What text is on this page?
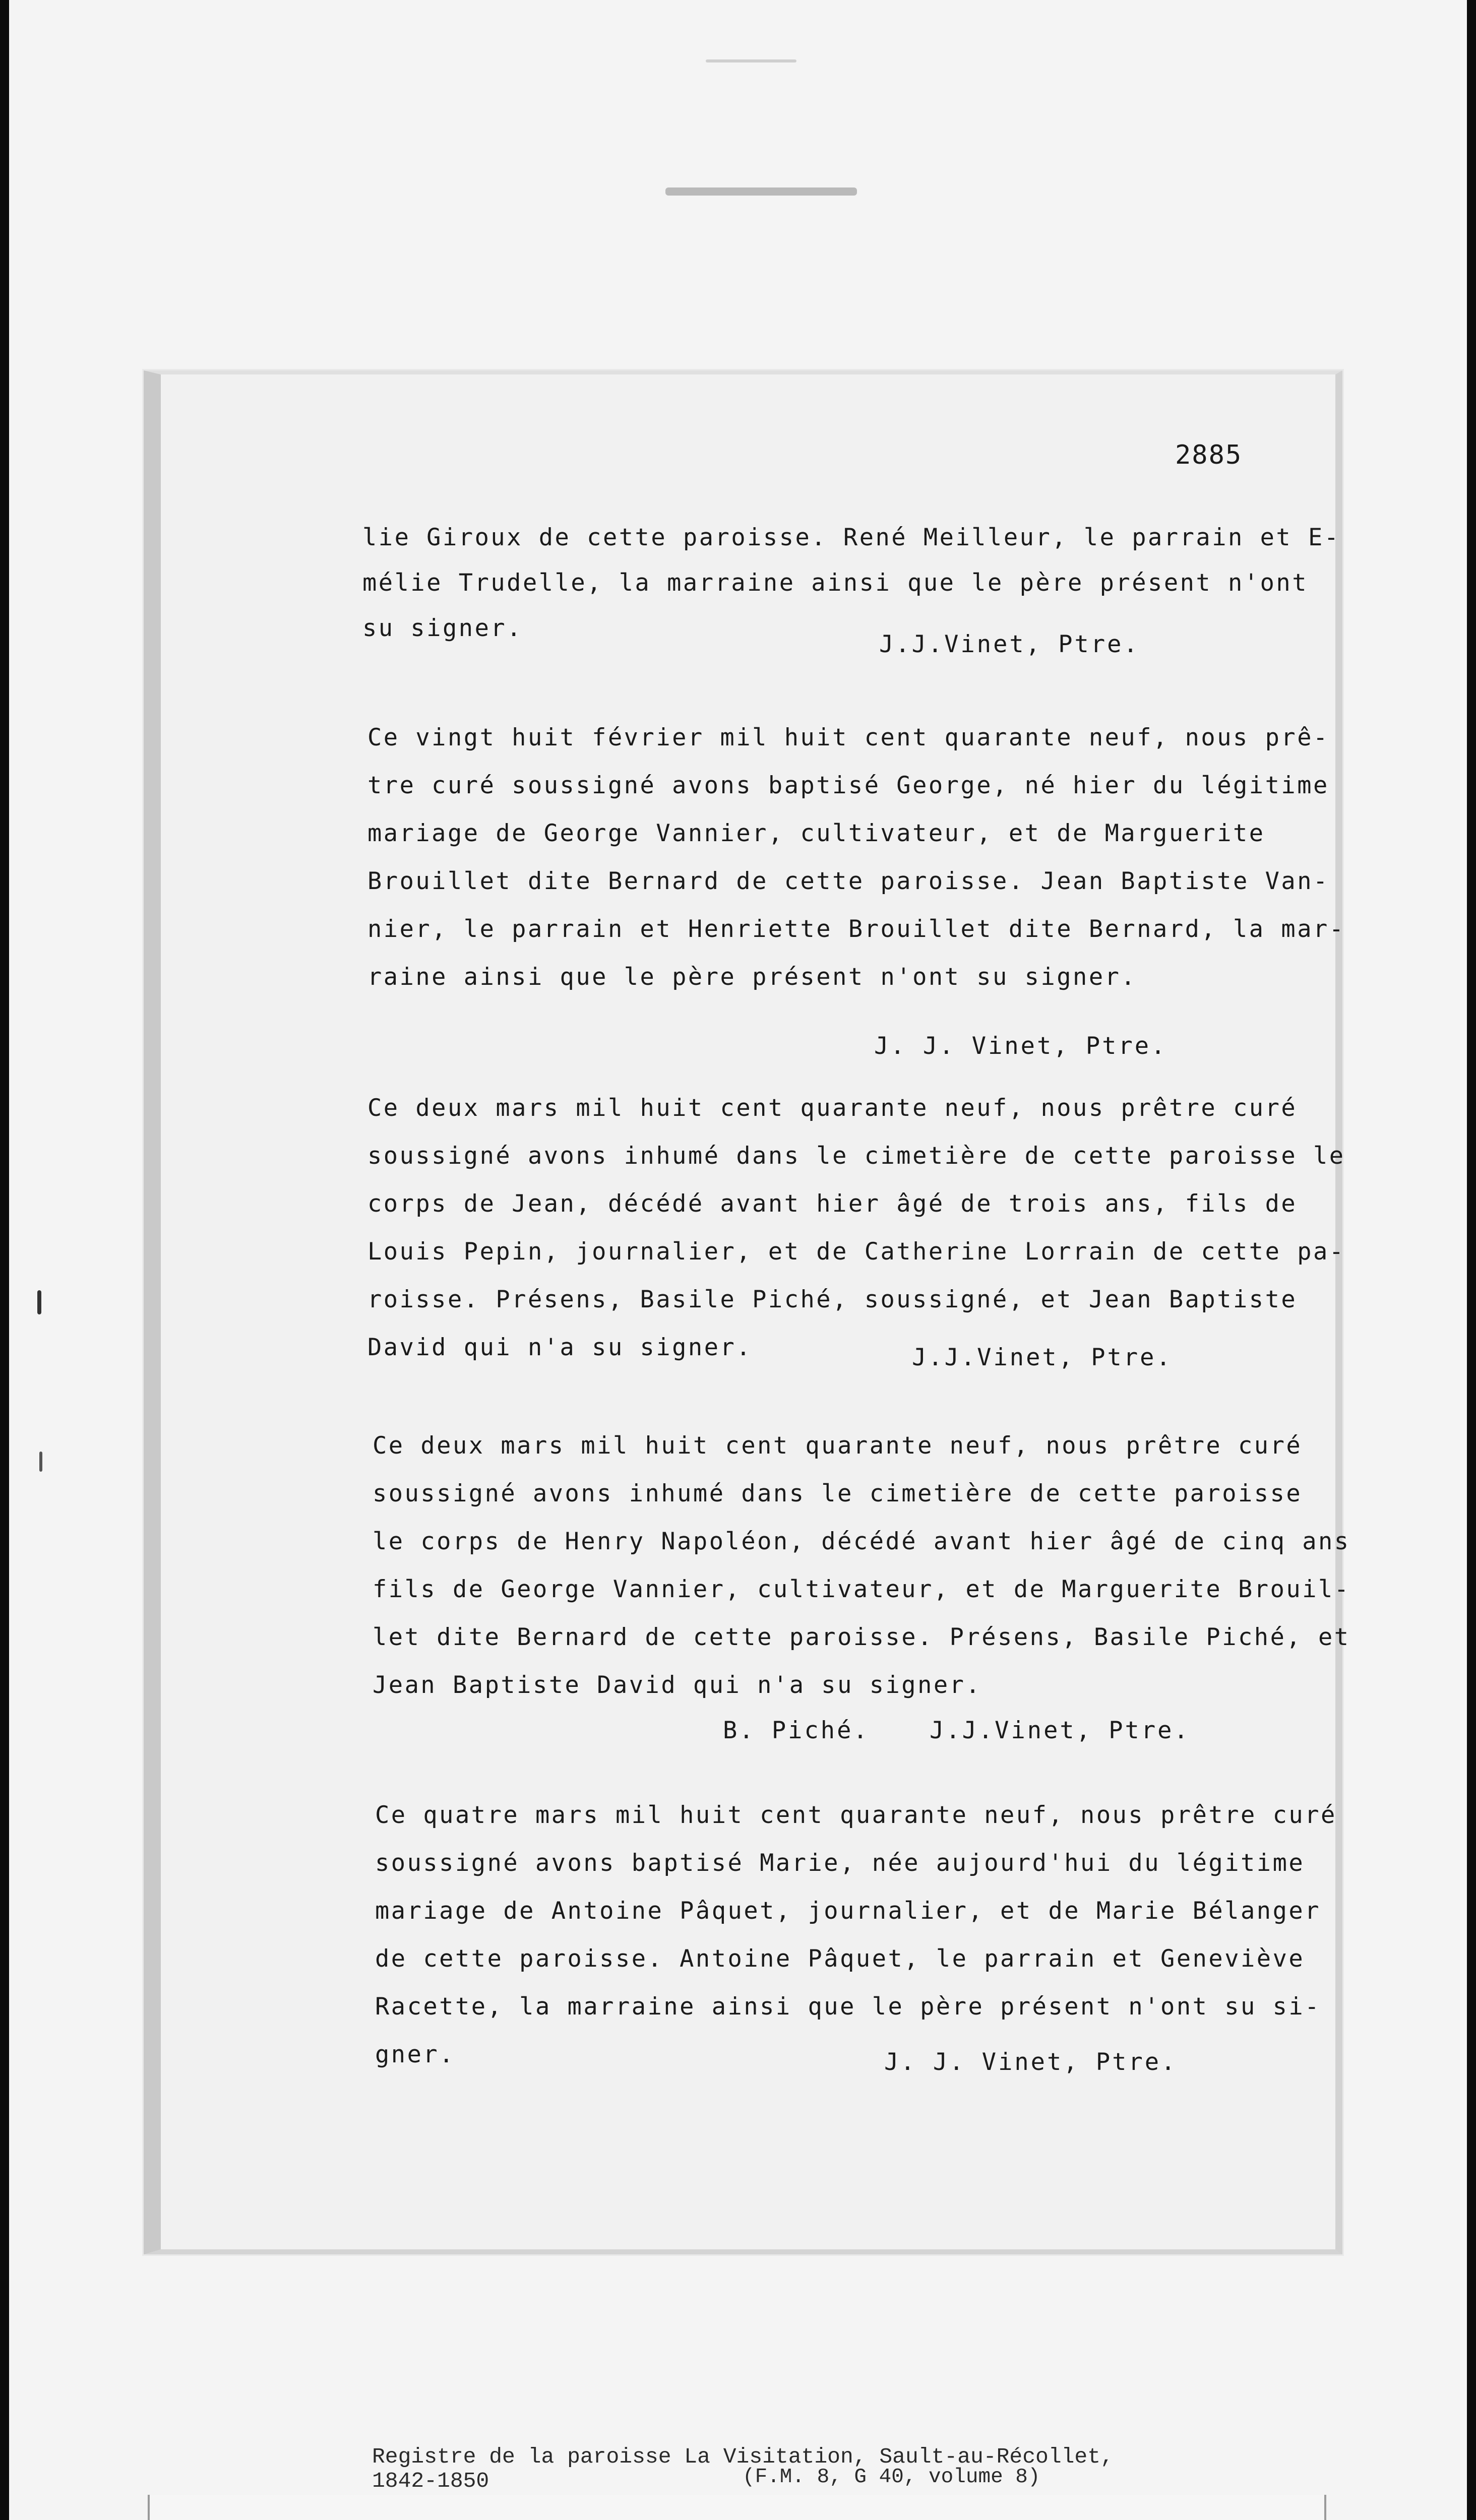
2885
lie Giroux de cette paroisse. René Meilleur, le parrain et E-
mélie Trudelle, la marraine ainsi que le père présent n'ont
su signer.
J.J.Vinet, Ptre.
Ce vingt huit février mil huit cent quarante neuf, nous prê-
tre curé soussigné avons baptisé George, né hier du légitime
mariage de George Vannier, cultivateur, et de Marguerite
Brouillet dite Bernard de cette paroisse. Jean Baptiste Van-
nier, le parrain et Henriette Brouillet dite Bernard, la mar-
raine ainsi que le père présent n'ont su signer.
J. J. Vinet, Ptre.
Ce deux mars mil huit cent quarante neuf, nous prêtre curé
soussigné avons inhumé dans le cimetière de cette paroisse le
corps de Jean, décédé avant hier âgé de trois ans, fils de
Louis Pepin, journalier, et de Catherine Lorrain de cette pa-
roisse. Présens, Basile Piché, soussigné, et Jean Baptiste
David qui n'a su signer.	J.J.Vinet, Ptre.
Ce deux mars mil huit cent quarante neuf, nous prêtre curé
soussigné avons inhumé dans le cimetière de cette paroisse
le corps de Henry Napoléon, décédé avant hier âgé de cinq ans
fils de George Vannier, cultivateur, et de Marguerite Brouil-
let dite Bernard de cette paroisse. Présens, Basile Piché, et
Jean Baptiste David qui n'a su signer.
B. Piché.	J.J.Vinet, Ptre.
Ce quatre mars mil huit cent quarante neuf, nous prêtre curé
soussigné avons baptisé Marie, née aujourd'hui du légitime
mariage de Antoine Pâquet, journalier, et de Marie Bélanger
de cette paroisse. Antoine Pâquet, le parrain et Geneviève
Racette, la marraine ainsi que le père présent n'ont su si-
gner.	J. J. Vinet, Ptre.
Registre de la paroisse La Visitation, Sault-au-Récollet,
1842-1850	(F.M. 8, G 40, volume 8)
